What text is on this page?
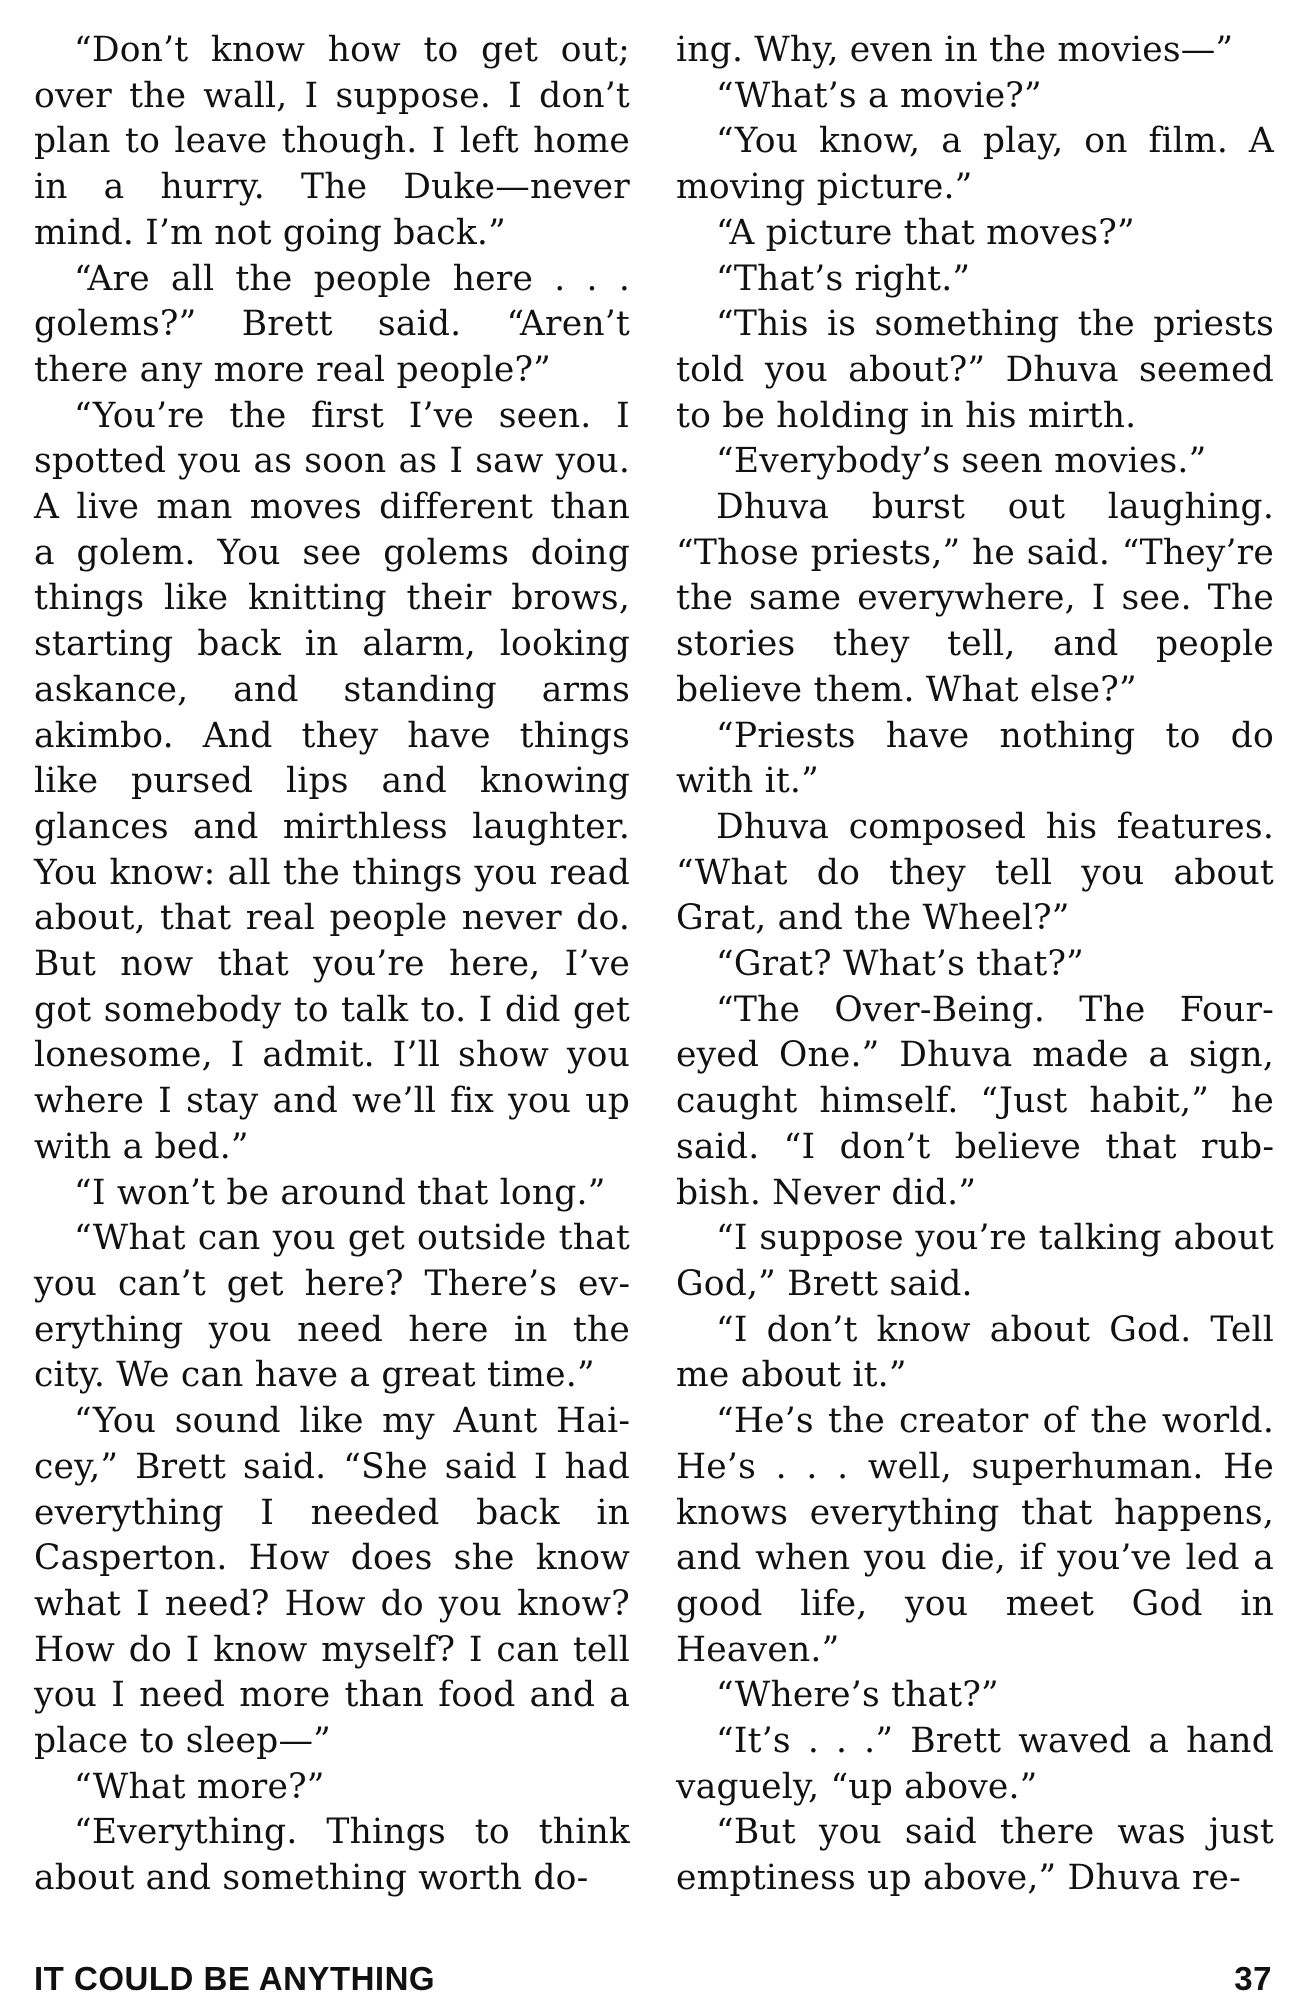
“Don’t know how to get out; over the wall, I suppose. I don’t plan to leave though. I left home in a hurry. The Duke—never mind. I’m not going back.”

“Are all the people here . . . golems?” Brett said. “Aren’t there any more real people?”

“You’re the first I’ve seen. I spotted you as soon as I saw you. A live man moves different than a golem. You see golems doing things like knitting their brows, starting back in alarm, looking askance, and standing arms akimbo. And they have things like pursed lips and knowing glances and mirthless laughter. You know: all the things you read about, that real people never do. But now that you’re here, I’ve got somebody to talk to. I did get lonesome, I admit. I’ll show you where I stay and we’ll fix you up with a bed.”

“I won’t be around that long.”

“What can you get outside that you can’t get here? There’s everything you need here in the city. We can have a great time.”

“You sound like my Aunt Haicey,” Brett said. “She said I had everything I needed back in Casperton. How does she know what I need? How do you know? How do I know myself? I can tell you I need more than food and a place to sleep—”

“What more?”

“Everything. Things to think about and something worth do-

ing. Why, even in the movies—”

“What’s a movie?”

“You know, a play, on film. A moving picture.”

“A picture that moves?”

“That’s right.”

“This is something the priests told you about?” Dhuva seemed to be holding in his mirth.

“Everybody’s seen movies.”

Dhuva burst out laughing. “Those priests,” he said. “They’re the same everywhere, I see. The stories they tell, and people believe them. What else?”

“Priests have nothing to do with it.”

Dhuva composed his features. “What do they tell you about Grat, and the Wheel?”

“Grat? What’s that?”

“The Over-Being. The Four-eyed One.” Dhuva made a sign, caught himself. “Just habit,” he said. “I don’t believe that rubbish. Never did.”

“I suppose you’re talking about God,” Brett said.

“I don’t know about God. Tell me about it.”

“He’s the creator of the world. He’s . . . well, superhuman. He knows everything that happens, and when you die, if you’ve led a good life, you meet God in Heaven.”

“Where’s that?”

“It’s . . .” Brett waved a hand vaguely, “up above.”

“But you said there was just emptiness up above,” Dhuva re-

IT COULD BE ANYTHING	37
